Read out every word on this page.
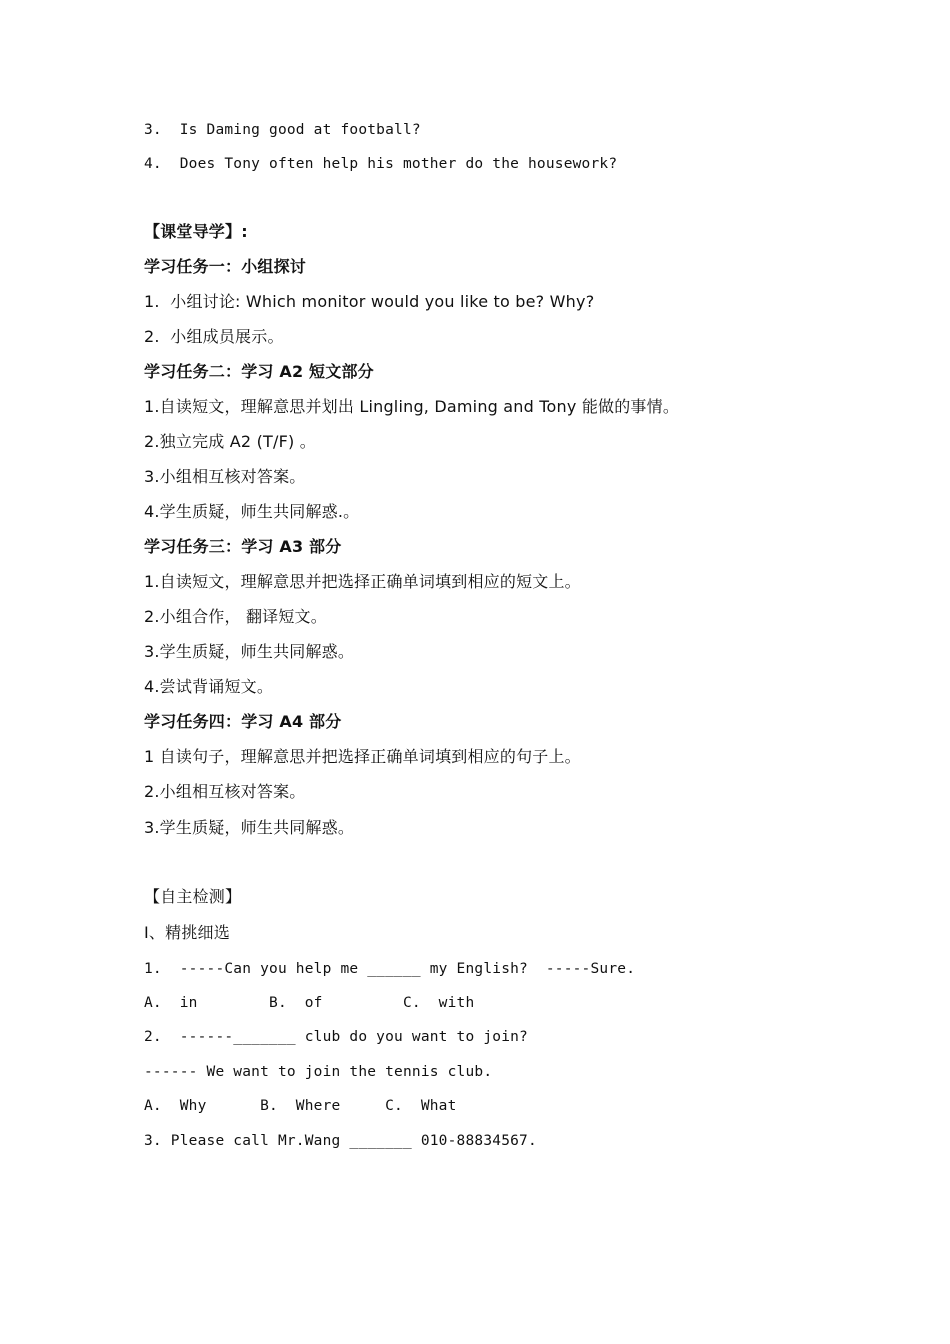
3.  Is Daming good at football?
4.  Does Tony often help his mother do the housework?
【课堂导学】:
学习任务一：小组探讨
1.  小组讨论: Which monitor would you like to be? Why?
2.  小组成员展示。
学习任务二：学习 A2 短文部分
1.自读短文，理解意思并划出 Lingling, Daming and Tony 能做的事情。
2.独立完成 A2 (T/F) 。
3.小组相互核对答案。
4.学生质疑，师生共同解惑.。
学习任务三：学习 A3 部分
1.自读短文，理解意思并把选择正确单词填到相应的短文上。
2.小组合作， 翻译短文。
3.学生质疑，师生共同解惑。
4.尝试背诵短文。
学习任务四：学习 A4 部分
1 自读句子，理解意思并把选择正确单词填到相应的句子上。
2.小组相互核对答案。
3.学生质疑，师生共同解惑。
【自主检测】
I、精挑细选
1.  -----Can you help me ______ my English?  -----Sure.
A.  in        B.  of         C.  with
2.  ------_______ club do you want to join?
------ We want to join the tennis club.
A.  Why      B.  Where     C.  What
3. Please call Mr.Wang _______ 010-88834567.
